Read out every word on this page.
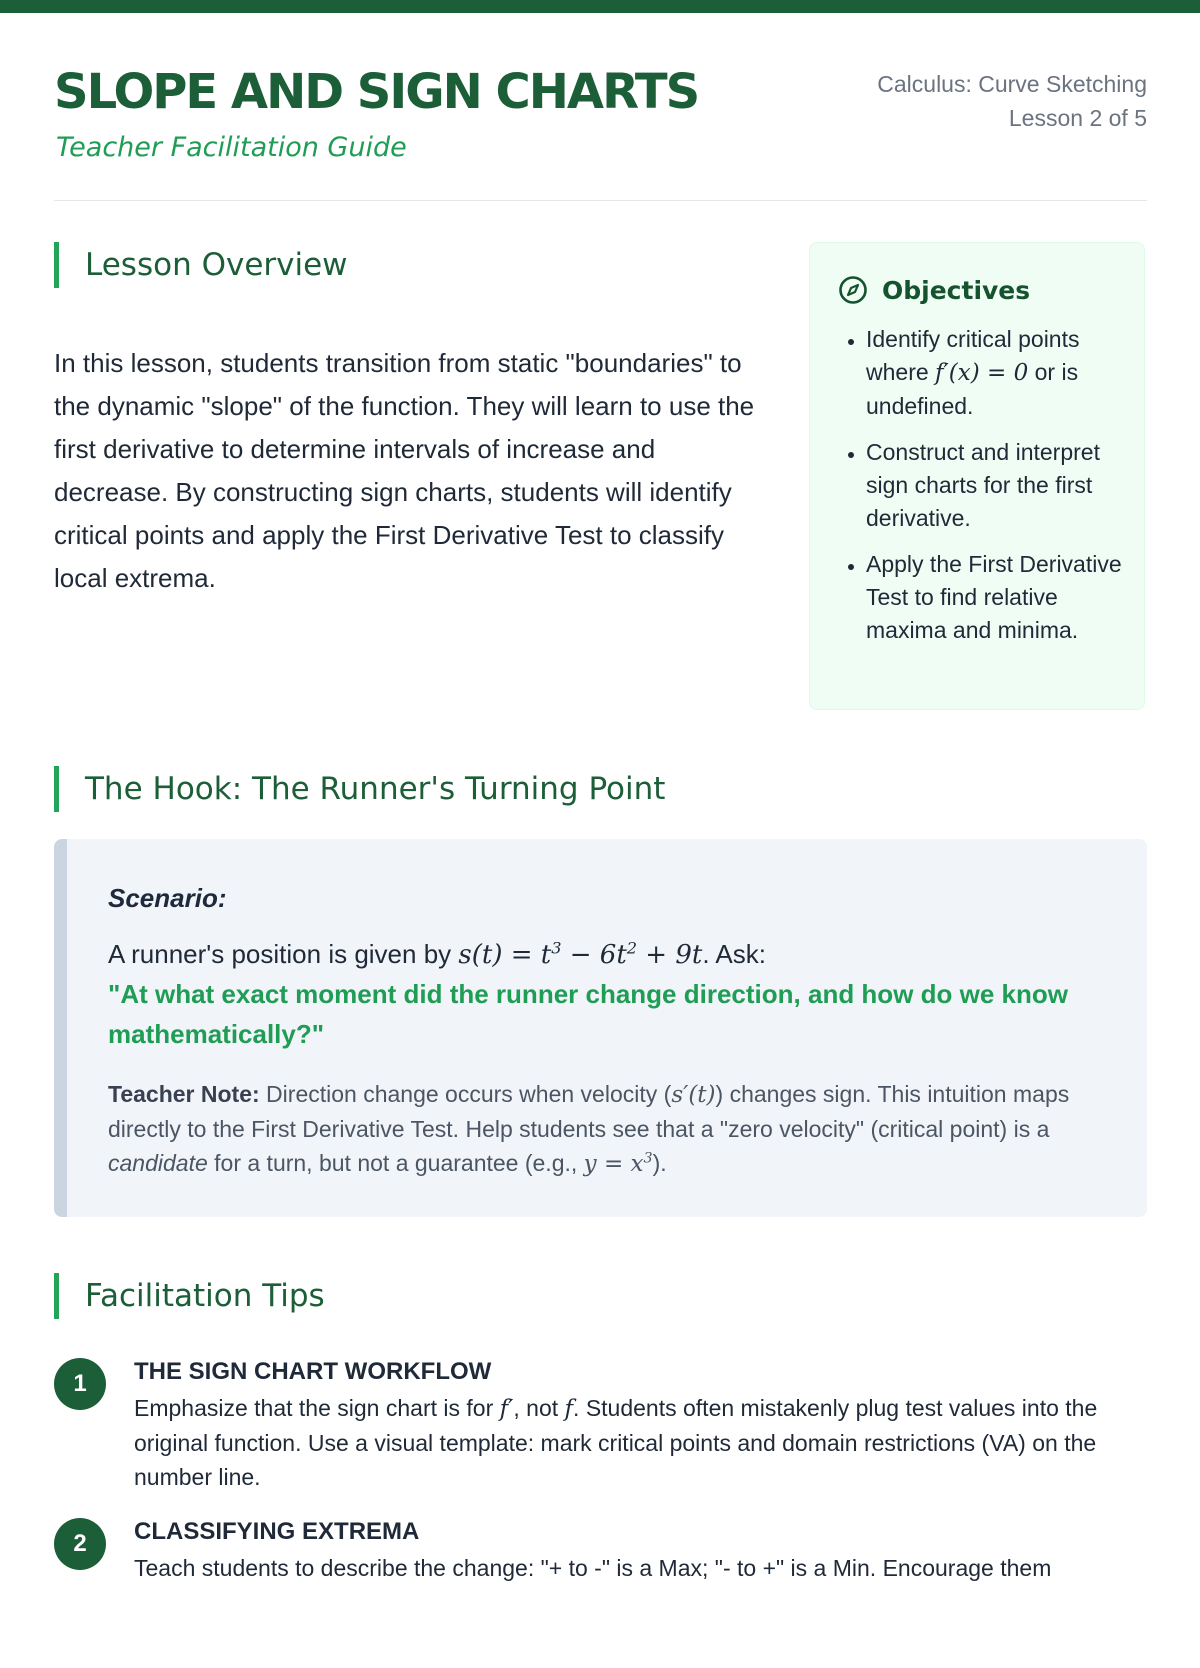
SLOPE AND SIGN CHARTS
Teacher Facilitation Guide
Calculus: Curve Sketching
Lesson 2 of 5
Lesson Overview

In this lesson, students transition from static "boundaries" to the dynamic "slope" of the function. They will learn to use the first derivative to determine intervals of increase and decrease. By constructing sign charts, students will identify critical points and apply the First Derivative Test to classify local extrema.

Objectives
• Identify critical points where f′(x) = 0 or is undefined.
• Construct and interpret sign charts for the first derivative.
• Apply the First Derivative Test to find relative maxima and minima.
The Hook: The Runner's Turning Point
Scenario:
A runner's position is given by $s(t) = t^3 - 6t^2 + 9t$. Ask:
"At what exact moment did the runner change direction, and how do we know mathematically?"
Teacher Note: Direction change occurs when velocity (s′(t)) changes sign. This intuition maps directly to the First Derivative Test. Help students see that a "zero velocity" (critical point) is a candidate for a turn, but not a guarantee (e.g., $y = x^3$).
Facilitation Tips
1	THE SIGN CHART WORKFLOW
Emphasize that the sign chart is for f′, not f. Students often mistakenly plug test values into the original function. Use a visual template: mark critical points and domain restrictions (VA) on the number line.
2	CLASSIFYING EXTREMA
Teach students to describe the change: "+ to -" is a Max; "- to +" is a Min. Encourage them
